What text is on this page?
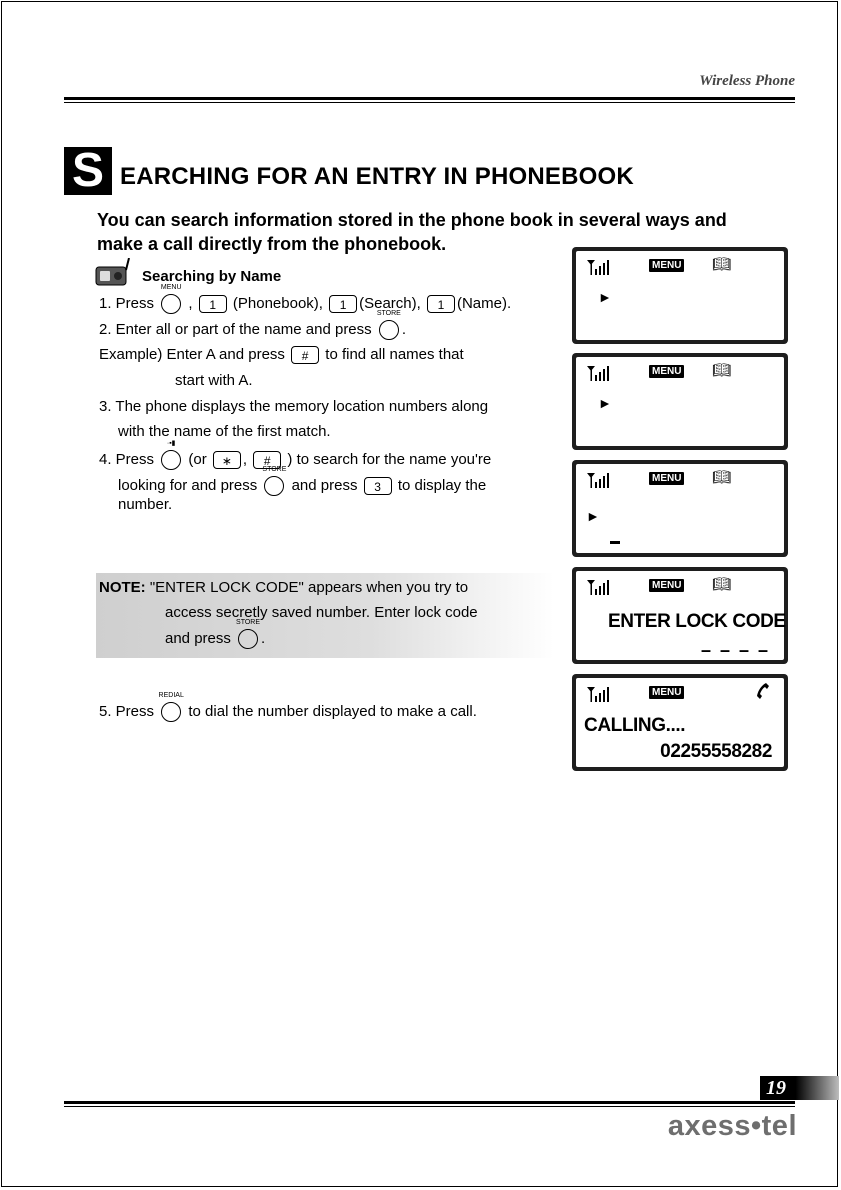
Wireless Phone
S EARCHING FOR AN ENTRY IN PHONEBOOK
You can search information stored in the phone book in several ways and make a call directly from the phonebook.
Searching by Name
1. Press
MENU
, 1 (Phonebook), 1 (Search), 1 (Name).
2. Enter all or part of the name and press
STORE
.
Example) Enter A and press # to find all names that
start with A.
3. The phone displays the memory location numbers along
with the name of the first match.
4. Press
·▪▮
(or ∗ , # ) to search for the name you're
looking for and press
STORE
and press 3 to display the
number.
NOTE: "ENTER LOCK CODE" appears when you try to
access secretly saved number. Enter lock code
and press
STORE
.
5. Press
REDIAL
to dial the number displayed to make a call.
MENU 📖︎
►
MENU 📖︎
►
MENU 📖︎
►
MENU 📖︎
ENTER LOCK CODE
– – – –
MENU
CALLING....
02255558282
19
axess•tel
